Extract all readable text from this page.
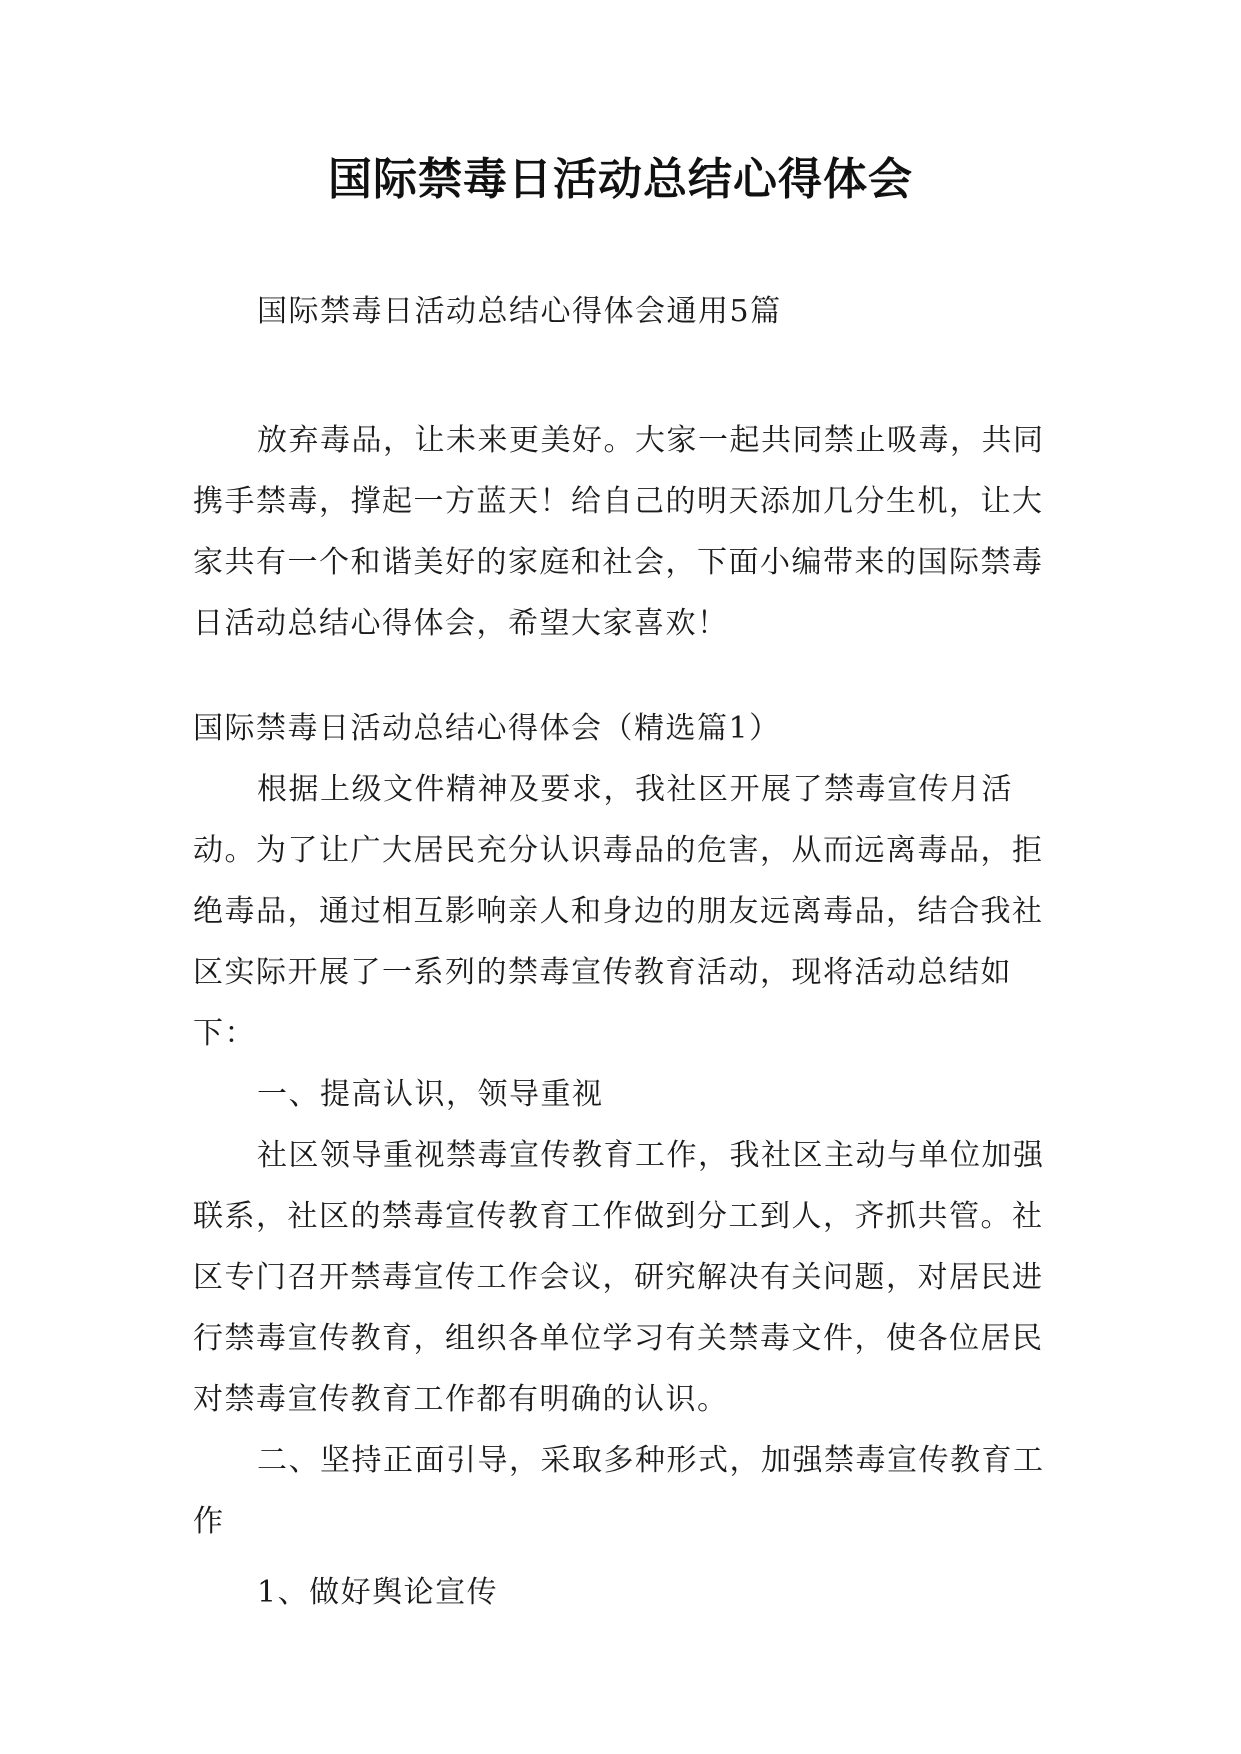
国际禁毒日活动总结心得体会

国际禁毒日活动总结心得体会通用5篇

放弃毒品，让未来更美好。大家一起共同禁止吸毒，共同携手禁毒，撑起一方蓝天！给自己的明天添加几分生机，让大家共有一个和谐美好的家庭和社会，下面小编带来的国际禁毒日活动总结心得体会，希望大家喜欢！

国际禁毒日活动总结心得体会（精选篇1）

根据上级文件精神及要求，我社区开展了禁毒宣传月活动。为了让广大居民充分认识毒品的危害，从而远离毒品，拒绝毒品，通过相互影响亲人和身边的朋友远离毒品，结合我社区实际开展了一系列的禁毒宣传教育活动，现将活动总结如下：

一、提高认识，领导重视

社区领导重视禁毒宣传教育工作，我社区主动与单位加强联系，社区的禁毒宣传教育工作做到分工到人，齐抓共管。社区专门召开禁毒宣传工作会议，研究解决有关问题，对居民进行禁毒宣传教育，组织各单位学习有关禁毒文件，使各位居民对禁毒宣传教育工作都有明确的认识。

二、坚持正面引导，采取多种形式，加强禁毒宣传教育工作

1、做好舆论宣传
